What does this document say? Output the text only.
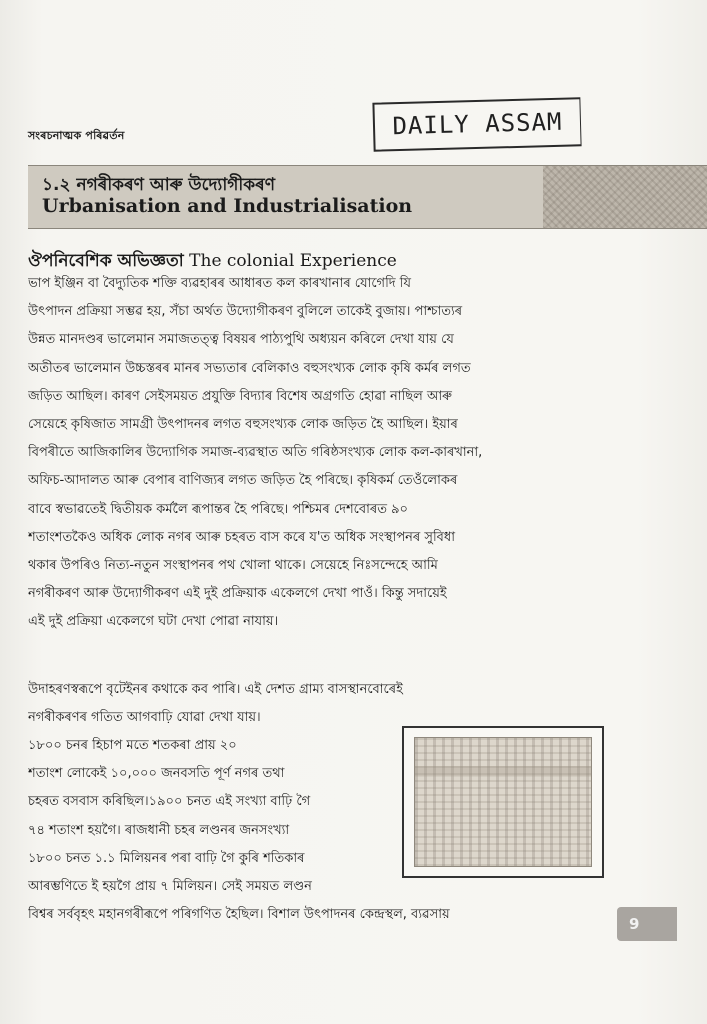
সংৰচনাত্মক পৰিৱৰ্তন	DAILY ASSAM
১.২ নগৰীকৰণ আৰু উদ্যোগীকৰণ
Urbanisation and Industrialisation
ঔপনিবেশিক অভিজ্ঞতা The colonial Experience
ভাপ ইঞ্জিন বা বৈদ্যুতিক শক্তি ব্যৱহাৰৰ আধাৰত কল কাৰখানাৰ যোগেদি যি
উৎপাদন প্ৰক্ৰিয়া সম্ভৱ হয়, সঁচা অৰ্থত উদ্যোগীকৰণ বুলিলে তাকেই বুজায়। পাশ্চাত্যৰ
উন্নত মানদণ্ডৰ ভালেমান সমাজতত্ত্ব বিষয়ৰ পাঠ্যপুথি অধ্যয়ন কৰিলে দেখা যায় যে
অতীতৰ ভালেমান উচ্চস্তৰৰ মানৰ সভ্যতাৰ বেলিকাও বহুসংখ্যক লোক কৃষি কৰ্মৰ লগত
জড়িত আছিল। কাৰণ সেইসময়ত প্ৰযুক্তি বিদ্যাৰ বিশেষ অগ্ৰগতি হোৱা নাছিল আৰু
সেয়েহে কৃষিজাত সামগ্ৰী উৎপাদনৰ লগত বহুসংখ্যক লোক জড়িত হৈ আছিল। ইয়াৰ
বিপৰীতে আজিকালিৰ উদ্যোগিক সমাজ-ব্যৱস্থাত অতি গৰিষ্ঠসংখ্যক লোক কল-কাৰখানা,
অফিচ-আদালত আৰু বেপাৰ বাণিজ্যৰ লগত জড়িত হৈ পৰিছে। কৃষিকৰ্ম তেওঁলোকৰ
বাবে স্বভাৱতেই দ্বিতীয়ক কৰ্মলৈ ৰূপান্তৰ হৈ পৰিছে। পশ্চিমৰ দেশবোৰত ৯০
শতাংশতকৈও অধিক লোক নগৰ আৰু চহৰত বাস কৰে য'ত অধিক সংস্থাপনৰ সুবিধা
থকাৰ উপৰিও নিত্য-নতুন সংস্থাপনৰ পথ খোলা থাকে। সেয়েহে নিঃসন্দেহে আমি
নগৰীকৰণ আৰু উদ্যোগীকৰণ এই দুই প্ৰক্ৰিয়াক একেলগে দেখা পাওঁ। কিন্তু সদায়েই
এই দুই প্ৰক্ৰিয়া একেলগে ঘটা দেখা পোৱা নাযায়।
উদাহৰণস্বৰূপে বৃটেইনৰ কথাকে কব পাৰি। এই দেশত গ্ৰাম্য বাসস্থানবোৰেই
নগৰীকৰণৰ গতিত আগবাঢ়ি যোৱা দেখা যায়।
১৮০০ চনৰ হিচাপ মতে শতকৰা প্ৰায় ২০
শতাংশ লোকেই ১০,০০০ জনবসতি পূৰ্ণ নগৰ তথা
চহৰত বসবাস কৰিছিল।১৯০০ চনত এই সংখ্যা বাঢ়ি গৈ
৭৪ শতাংশ হয়গৈ। ৰাজধানী চহৰ লণ্ডনৰ জনসংখ্যা
১৮০০ চনত ১.১ মিলিয়নৰ পৰা বাঢ়ি গৈ কুৰি শতিকাৰ
আৰম্ভণিতে ই হয়গৈ প্ৰায় ৭ মিলিয়ন। সেই সময়ত লণ্ডন
বিশ্বৰ সৰ্ববৃহৎ মহানগৰীৰূপে পৰিগণিত হৈছিল। বিশাল উৎপাদনৰ কেন্দ্ৰস্থল, ব্যৱসায়
9
